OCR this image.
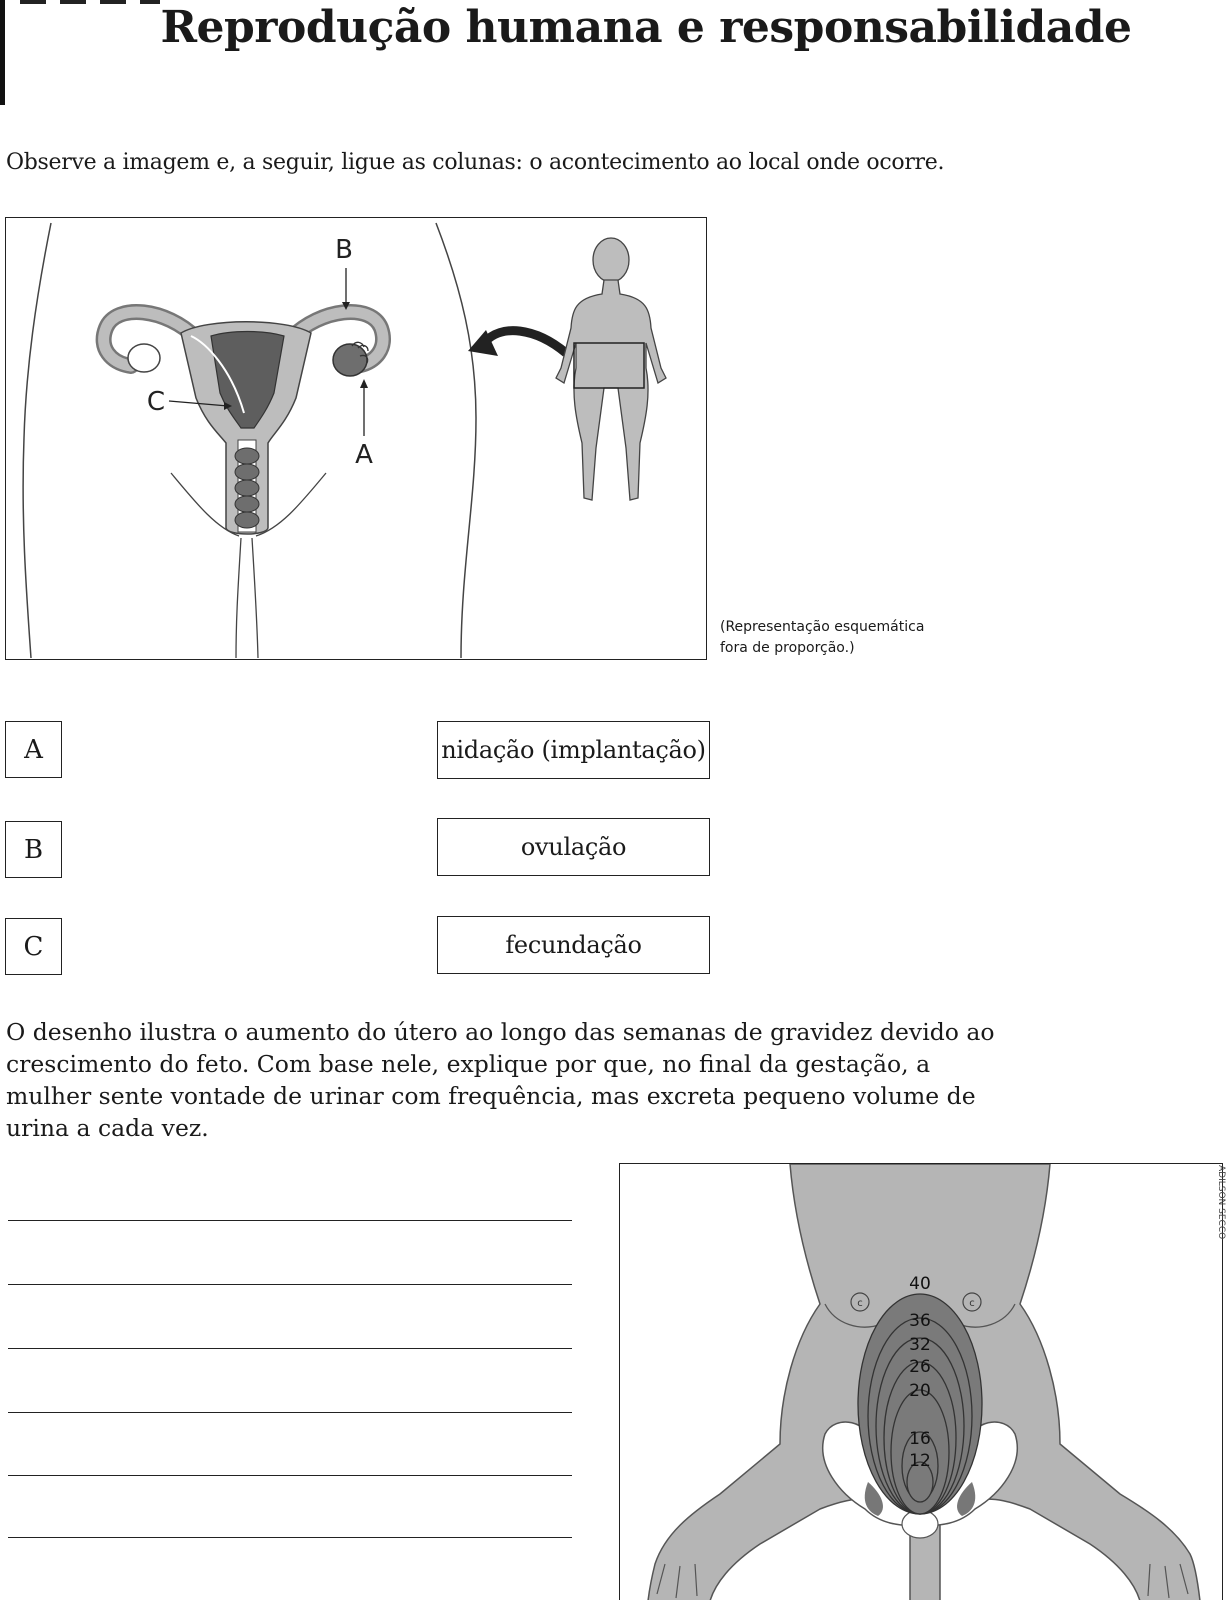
Reprodução humana e responsabilidade
Observe a imagem e, a seguir, ligue as colunas: o acontecimento ao local onde ocorre.
B
A
C
(Representação esquemática
fora de proporção.)
A
B
C
nidação (implantação)
ovulação
fecundação
O desenho ilustra o aumento do útero ao longo das semanas de gravidez devido ao crescimento do feto. Com base nele, explique por que, no final da gestação, a mulher sente vontade de urinar com frequência, mas excreta pequeno volume de urina a cada vez.
c	c
40
36
32
26
20
16
12
ADILSON SECCO
